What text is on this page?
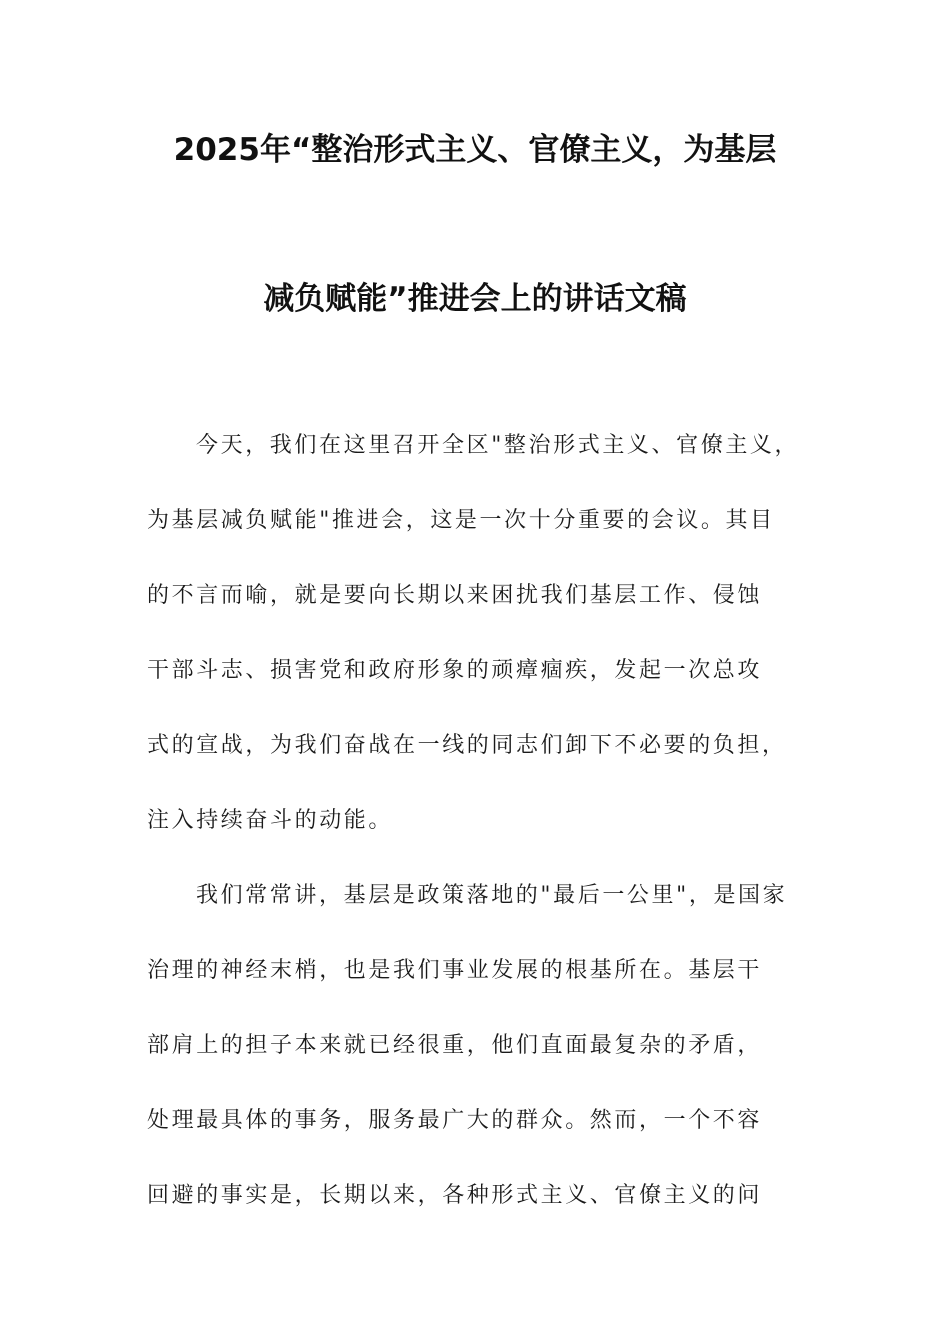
2025年“整治形式主义、官僚主义，为基层
减负赋能”推进会上的讲话文稿
今天，我们在这里召开全区"整治形式主义、官僚主义，
为基层减负赋能"推进会，这是一次十分重要的会议。其目
的不言而喻，就是要向长期以来困扰我们基层工作、侵蚀
干部斗志、损害党和政府形象的顽瘴痼疾，发起一次总攻
式的宣战，为我们奋战在一线的同志们卸下不必要的负担，
注入持续奋斗的动能。
我们常常讲，基层是政策落地的"最后一公里"，是国家
治理的神经末梢，也是我们事业发展的根基所在。基层干
部肩上的担子本来就已经很重，他们直面最复杂的矛盾，
处理最具体的事务，服务最广大的群众。然而，一个不容
回避的事实是，长期以来，各种形式主义、官僚主义的问
